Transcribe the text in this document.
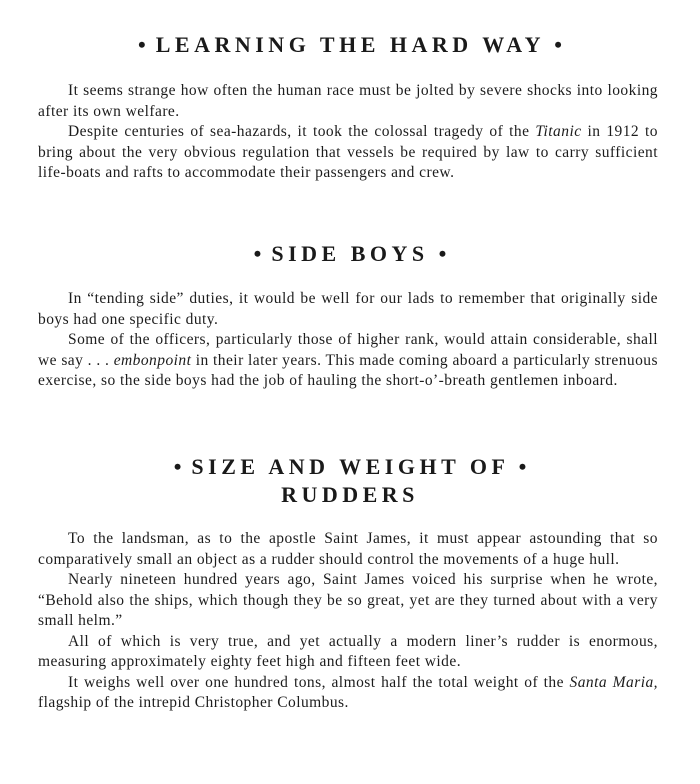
• LEARNING THE HARD WAY •

It seems strange how often the human race must be jolted by severe shocks into looking after its own welfare.

Despite centuries of sea-hazards, it took the colossal tragedy of the Titanic in 1912 to bring about the very obvious regulation that vessels be required by law to carry sufficient life-boats and rafts to accommodate their passengers and crew.

• SIDE BOYS •

In “tending side” duties, it would be well for our lads to remember that originally side boys had one specific duty.

Some of the officers, particularly those of higher rank, would attain considerable, shall we say . . . embonpoint in their later years. This made coming aboard a particularly strenuous exercise, so the side boys had the job of hauling the short-o’-breath gentlemen inboard.

• SIZE AND WEIGHT OF •
RUDDERS

To the landsman, as to the apostle Saint James, it must appear astounding that so comparatively small an object as a rudder should control the movements of a huge hull.

Nearly nineteen hundred years ago, Saint James voiced his surprise when he wrote, “Behold also the ships, which though they be so great, yet are they turned about with a very small helm.”

All of which is very true, and yet actually a modern liner’s rudder is enormous, measuring approximately eighty feet high and fifteen feet wide.

It weighs well over one hundred tons, almost half the total weight of the Santa Maria, flagship of the intrepid Christopher Columbus.
